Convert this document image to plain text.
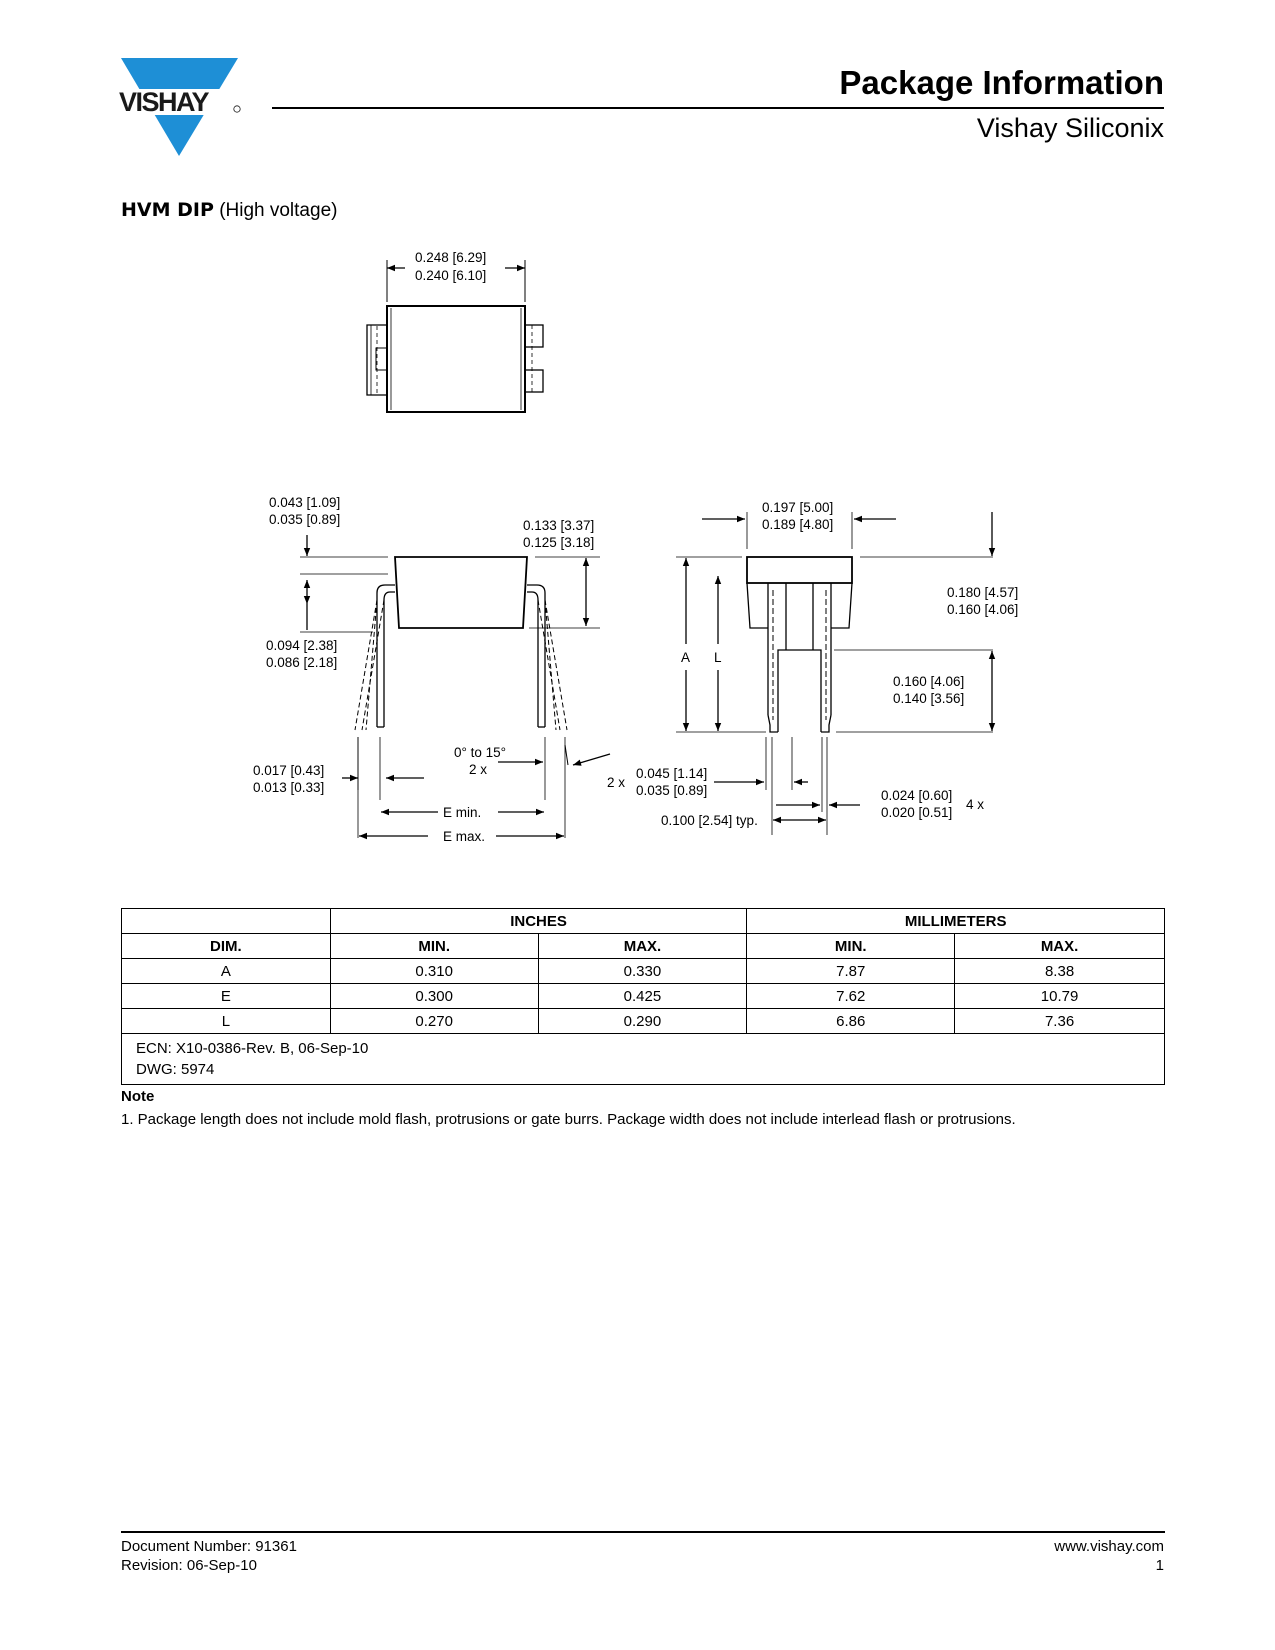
VISHAY
Package Information
Vishay Siliconix
HVM DIP (High voltage)
0.248 [6.29]
0.240 [6.10]
0.043 [1.09]
0.035 [0.89]	0.133 [3.37]
0.125 [3.18]
0.094 [2.38]
0.086 [2.18]
0.017 [0.43]
0.013 [0.33]
0° to 15°
2 x
E min.
E max.
0.197 [5.00]
0.189 [4.80]
0.180 [4.57]
0.160 [4.06]
0.160 [4.06]
0.140 [3.56]
A L
2 x
0.045 [1.14]
0.035 [0.89]	0.024 [0.60]
0.020 [0.51]
4 x
0.100 [2.54] typ.
	INCHES		MILLIMETERS	
DIM.	MIN.	MAX.	MIN.	MAX.
A	0.310	0.330	7.87	8.38
E	0.300	0.425	7.62	10.79
L	0.270	0.290	6.86	7.36

ECN: X10-0386-Rev. B, 06-Sep-10
DWG: 5974				
Note
1. Package length does not include mold flash, protrusions or gate burrs. Package width does not include interlead flash or protrusions.
Document Number: 91361
Revision: 06-Sep-10
www.vishay.com
1
